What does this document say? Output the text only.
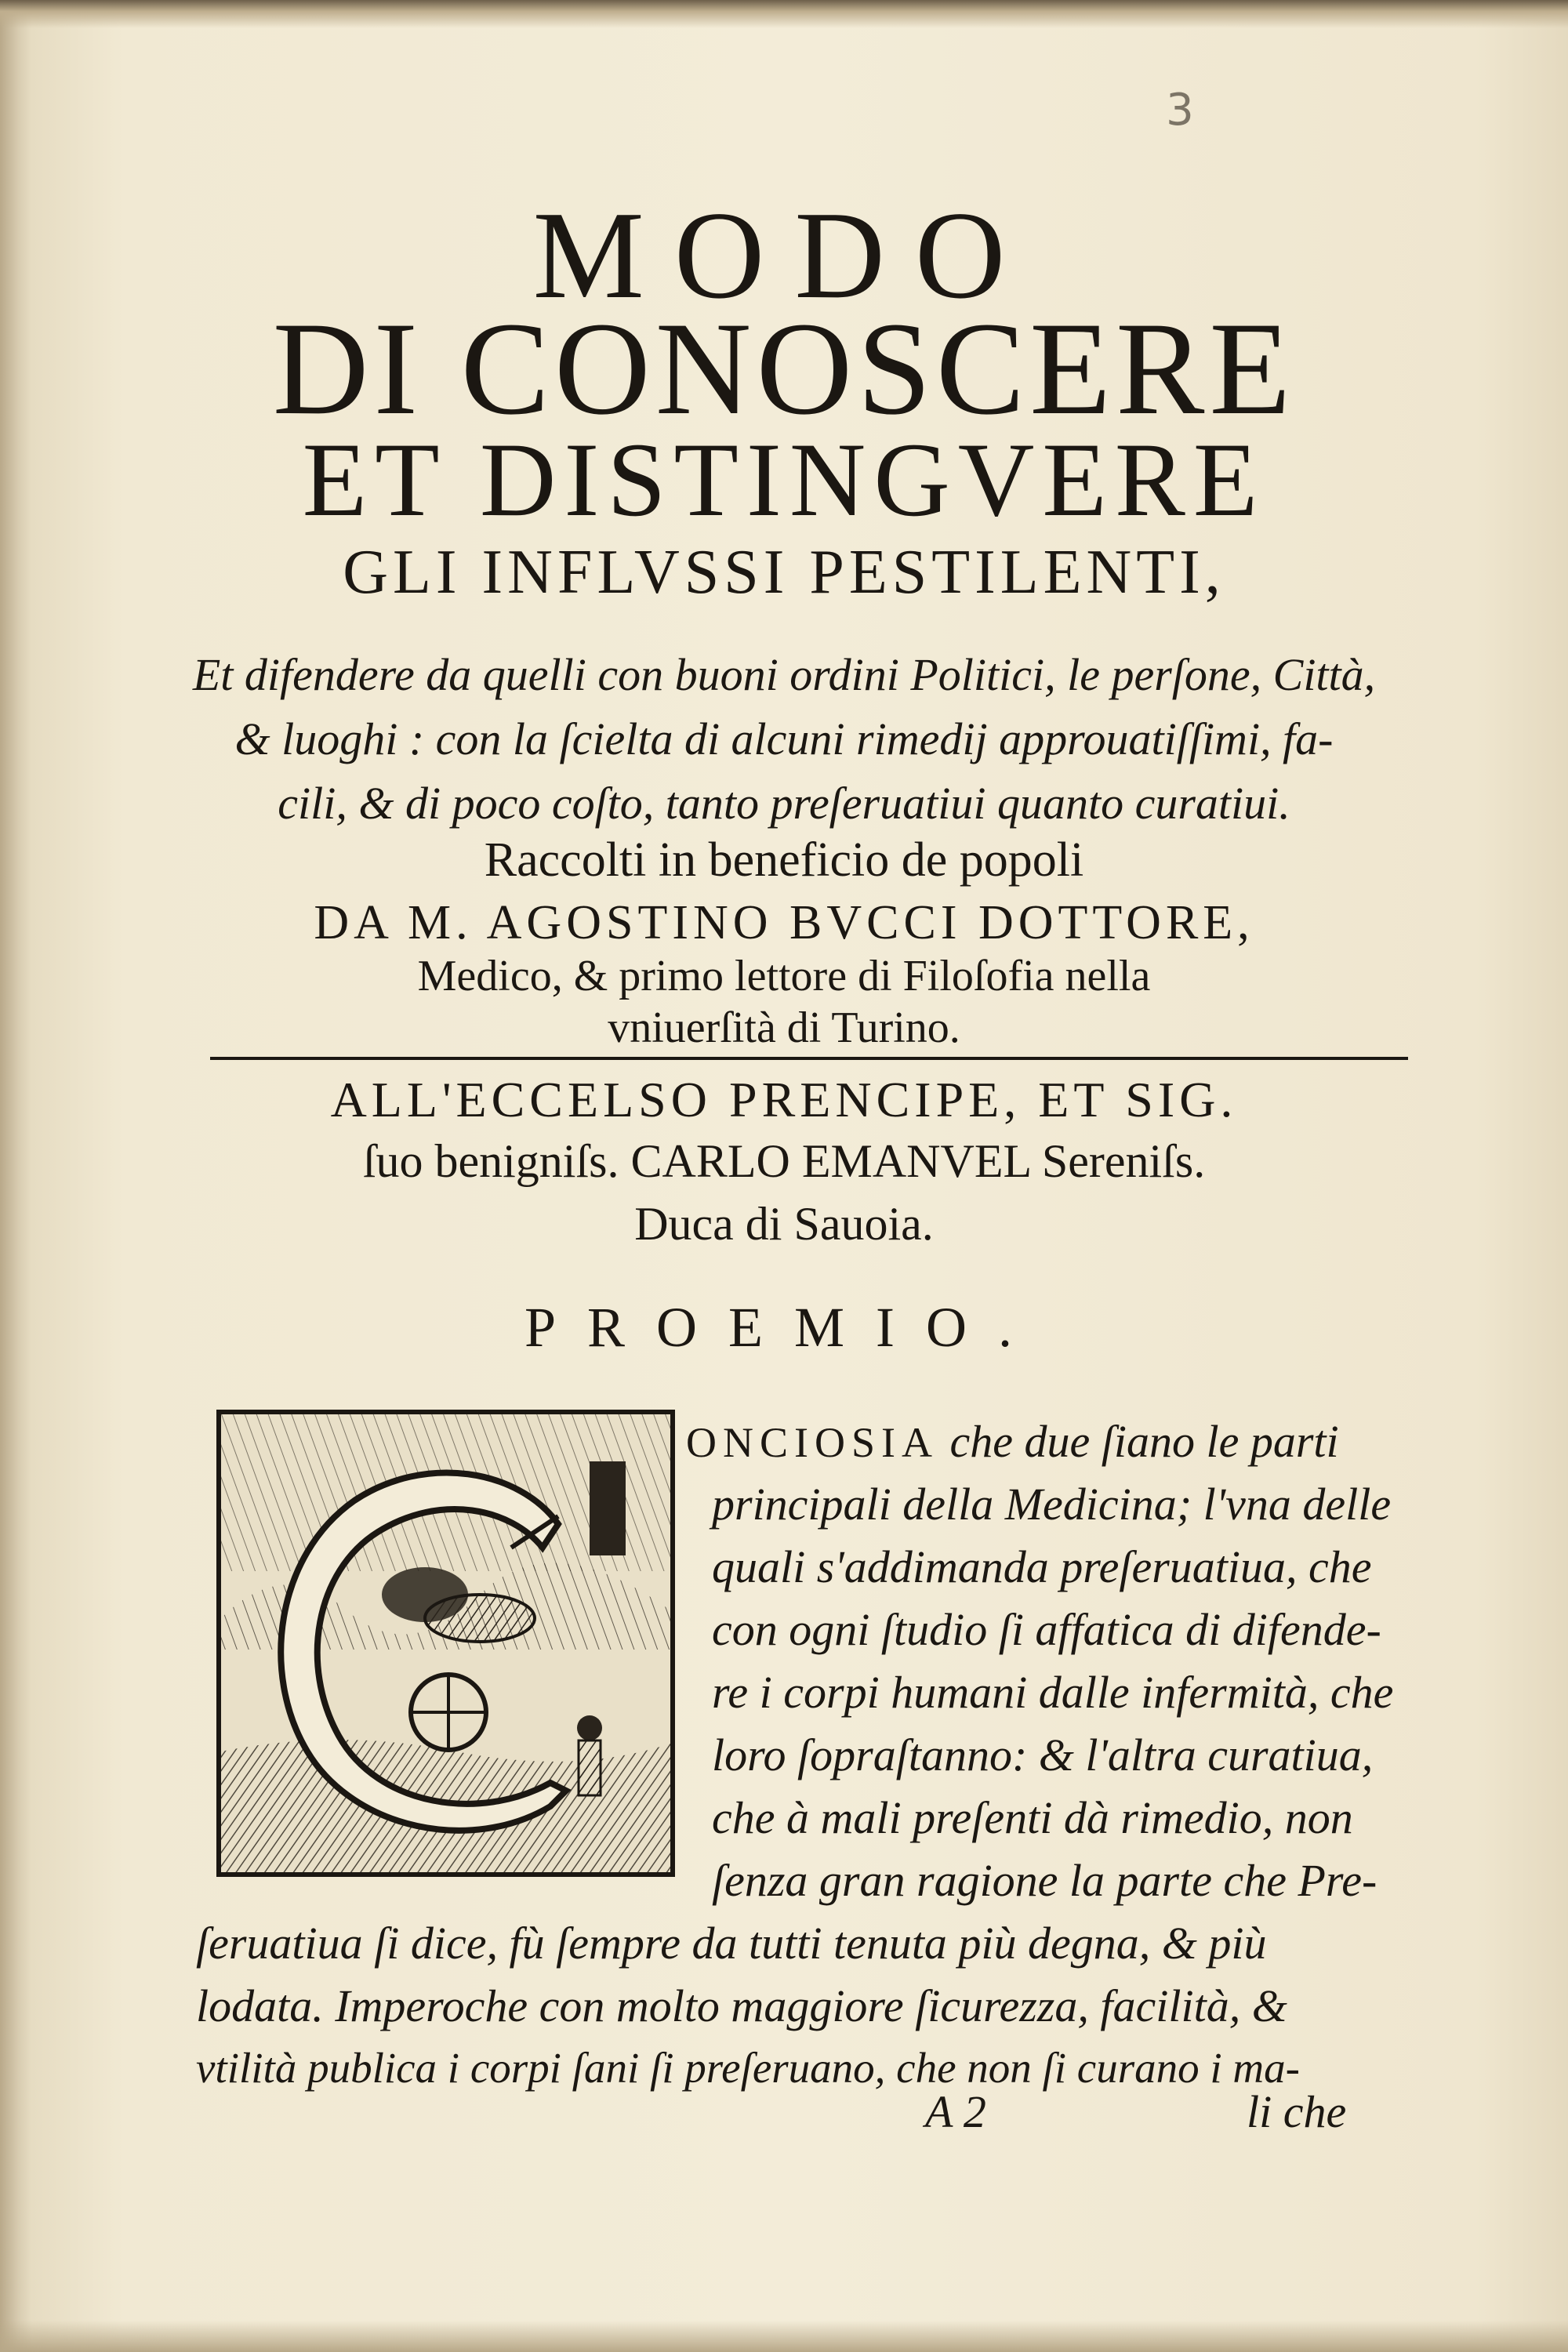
3
MODO
DI CONOSCERE
ET DISTINGVERE
GLI INFLVSSI PESTILENTI,
Et difendere da quelli con buoni ordini Politici, le perſone, Città,
& luoghi : con la ſcielta di alcuni rimedij approuatiſſimi, fa-
cili, & di poco coſto, tanto preſeruatiui quanto curatiui.
Raccolti in beneficio de popoli
DA M. AGOSTINO BVCCI DOTTORE,
Medico, & primo lettore di Filoſofia nella
vniuerſità di Turino.
ALL'ECCELSO PRENCIPE, ET SIG.
ſuo benigniſs. CARLO EMANVEL Sereniſs.
Duca di Sauoia.
PROEMIO.
ONCIOSIA che due ſiano le parti
principali della Medicina; l'vna delle
quali s'addimanda preſeruatiua, che
con ogni ſtudio ſi affatica di difende-
re i corpi humani dalle infermità, che
loro ſopraſtanno: & l'altra curatiua,
che à mali preſenti dà rimedio, non
ſenza gran ragione la parte che Pre-
ſeruatiua ſi dice, fù ſempre da tutti tenuta più degna, & più
lodata. Imperoche con molto maggiore ſicurezza, facilità, &
vtilità publica i corpi ſani ſi preſeruano, che non ſi curano i ma-
A 2	li che
